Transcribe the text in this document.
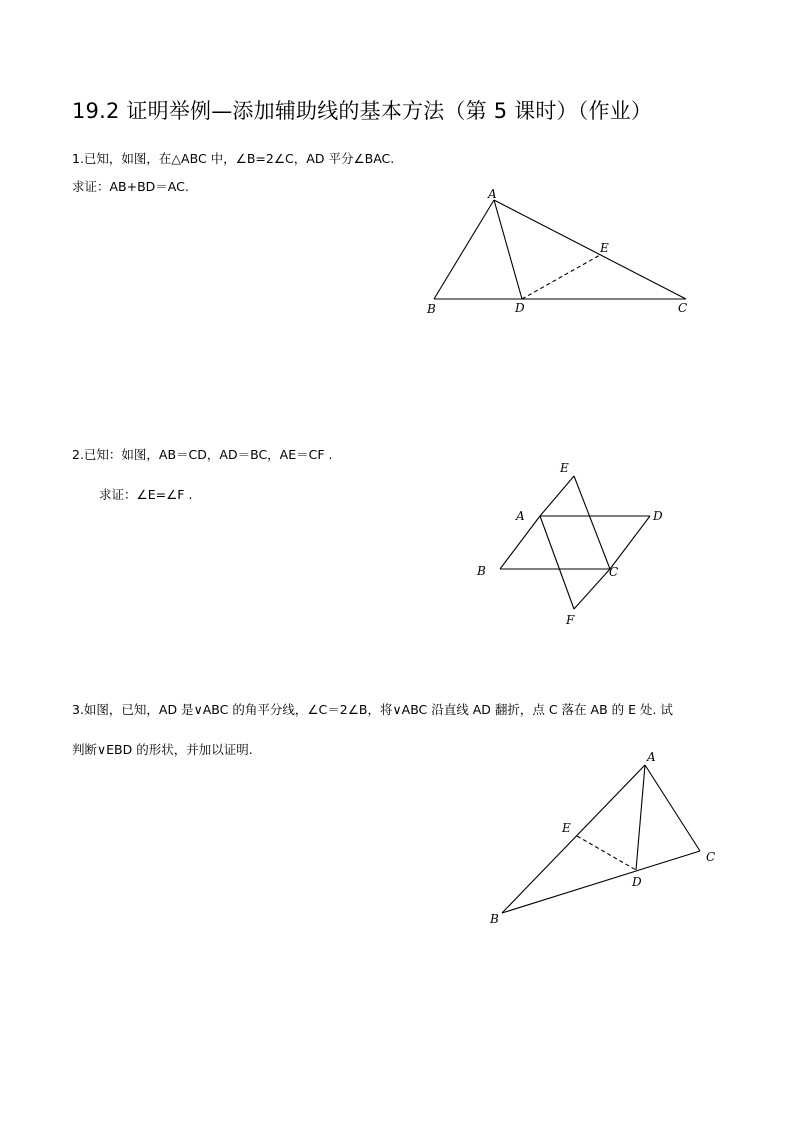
19.2 证明举例—添加辅助线的基本方法（第 5 课时）（作业）
1.已知，如图，在△ABC 中，∠B=2∠C，AD 平分∠BAC.
求证：AB+BD＝AC.	A
B	C
D
E
2.已知：如图，AB＝CD，AD＝BC，AE＝CF .
求证：∠E=∠F .
E
A	D
B	C
F
3.如图，已知，AD 是∨ABC 的角平分线，∠C＝2∠B，将∨ABC 沿直线 AD 翻折，点 C 落在 AB 的 E 处. 试
判断∨EBD 的形状，并加以证明.	A
E
C
D
B
